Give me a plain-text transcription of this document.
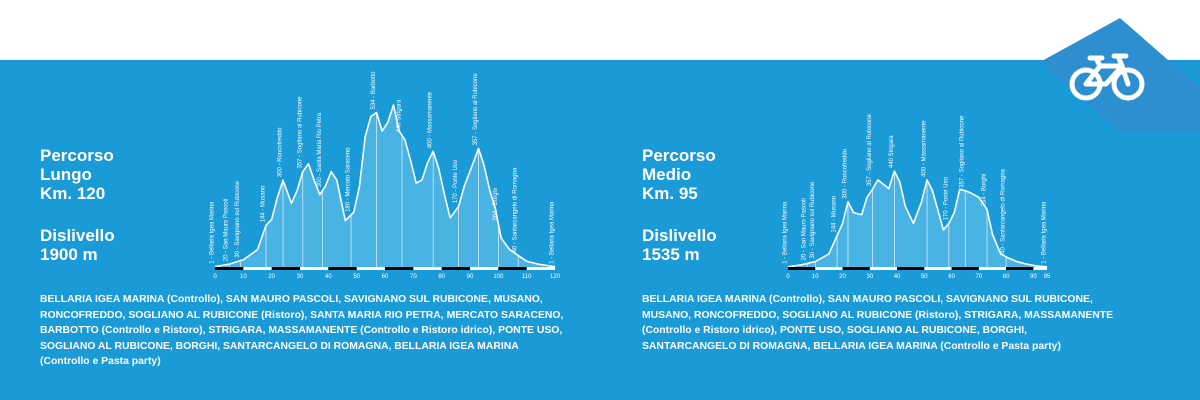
Percorso
Lungo
Km. 120
Dislivello
1900 m	1 - Bellaria Igea Marina 20 - San Mauro Pascoli 30 - Savignano sul Rubicone	144 - Musano
300 - Roncofreddo 357 - Sogliano al Rubicone 300 - Santa Maria Rio Petra	180 - Mercato Saraceno
534 - Barbotto
440 Strigara	400 - Massamanente
170 - Ponte Uso
357 - Sogliano al Rubicone
264 - Borghi 40 - Santarcangelo di Romagna	1 - Bellaria Igea Marina
0	10	20	30	40	50	60	70	80	90	100	110	120
BELLARIA IGEA MARINA (Controllo), SAN MAURO PASCOLI, SAVIGNANO SUL RUBICONE, MUSANO, RONCOFREDDO, SOGLIANO AL RUBICONE (Ristoro), SANTA MARIA RIO PETRA, MERCATO SARACENO, BARBOTTO (Controllo e Ristoro), STRIGARA, MASSAMANENTE (Controllo e Ristoro idrico), PONTE USO, SOGLIANO AL RUBICONE, BORGHI, SANTARCANGELO DI ROMAGNA, BELLARIA IGEA MARINA (Controllo e Pasta party)
Percorso
Medio
Km. 95
Dislivello
1535 m	1 - Bellaria Igea Marina 20 - San Mauro Pascoli 30 - Savignano sul Rubicone	144 - Musano
300 - Roncofreddo	357 - Sogliano al Rubicone	440 Strigara	400 - Massamanente
170 - Ponte Uso
357 - Sogliano al Rubicone
264 - Borghi 40 - Santarcangelo di Romagna	1 - Bellaria Igea Marina
0	10	20	30	40	50	60	70	80	90 95
BELLARIA IGEA MARINA (Controllo), SAN MAURO PASCOLI, SAVIGNANO SUL RUBICONE, MUSANO, RONCOFREDDO, SOGLIANO AL RUBICONE (Ristoro), STRIGARA, MASSAMANENTE (Controllo e Ristoro idrico), PONTE USO, SOGLIANO AL RUBICONE, BORGHI, SANTARCANGELO DI ROMAGNA, BELLARIA IGEA MARINA (Controllo e Pasta party)
